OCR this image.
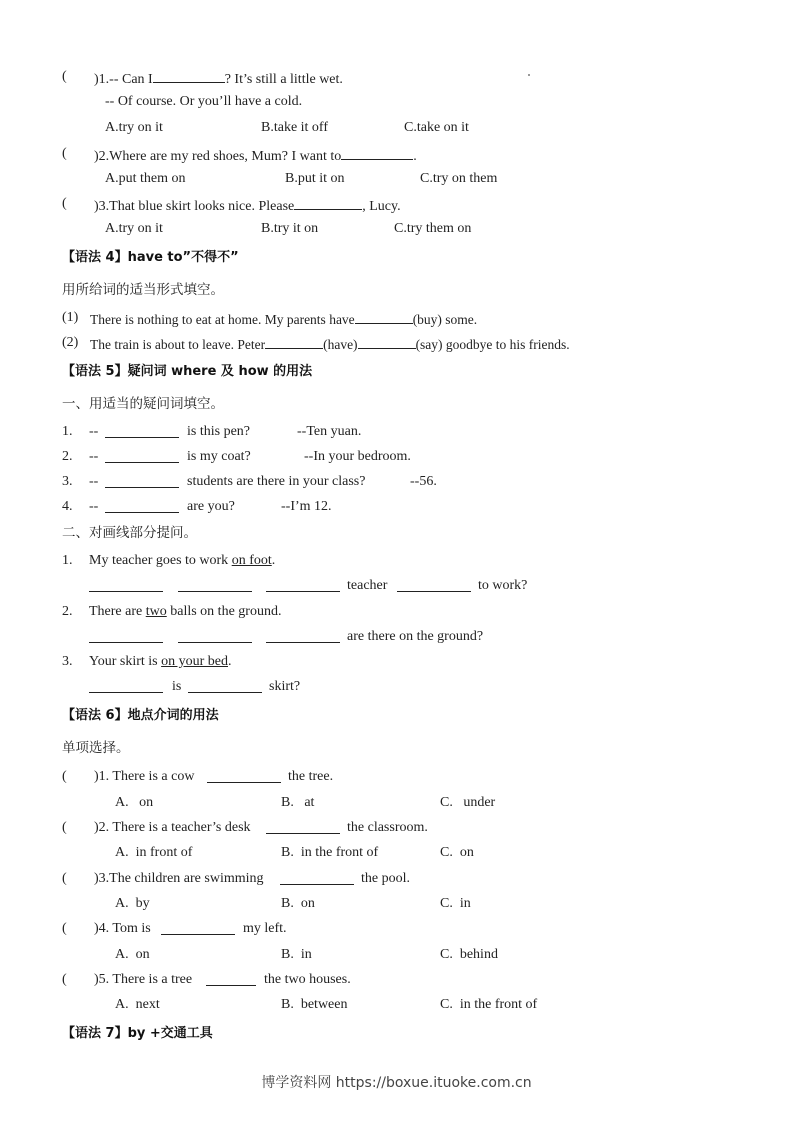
( )1.-- Can I	? It’s still a little wet.
-- Of course. Or you’ll have a cold.
A.try on it	B.take it off	C.take on it
( )2.Where are my red shoes, Mum? I want to	.
A.put them on	B.put it on	C.try on them
( )3.That blue skirt looks nice. Please	, Lucy.
A.try on it	B.try it on	C.try them on
【语法 4】have to”不得不”
用所给词的适当形式填空。
(1) There is nothing to eat at home. My parents have	(buy) some.
(2) The train is about to leave. Peter	(have)	(say) goodbye to his friends.
【语法 5】疑问词 where 及 how 的用法
一、用适当的疑问词填空。
1. --	is this pen?	--Ten yuan.
2. --	is my coat?	--In your bedroom.
3. --	students are there in your class?	--56.
4. --	are you?	--I’m 12.
二、对画线部分提问。
1. My teacher goes to work on foot.
teacher	to work?
2. There are two balls on the ground.
are there on the ground?
3. Your skirt is on your bed.
is	skirt?
【语法 6】地点介词的用法
单项选择。
( )1. There is a cow	the tree.
A.   on	B.   at	C.   under
( )2. There is a teacher’s desk	the classroom.
A.  in front of	B.  in the front of	C.  on
( )3.The children are swimming	the pool.
A.  by	B.  on	C.  in
( )4. Tom is	my left.
A.  on	B.  in	C.  behind
( )5. There is a tree	the two houses.
A.  next	B.  between	C.  in the front of
【语法 7】by +交通工具
博学资料网 https://boxue.ituoke.com.cn
